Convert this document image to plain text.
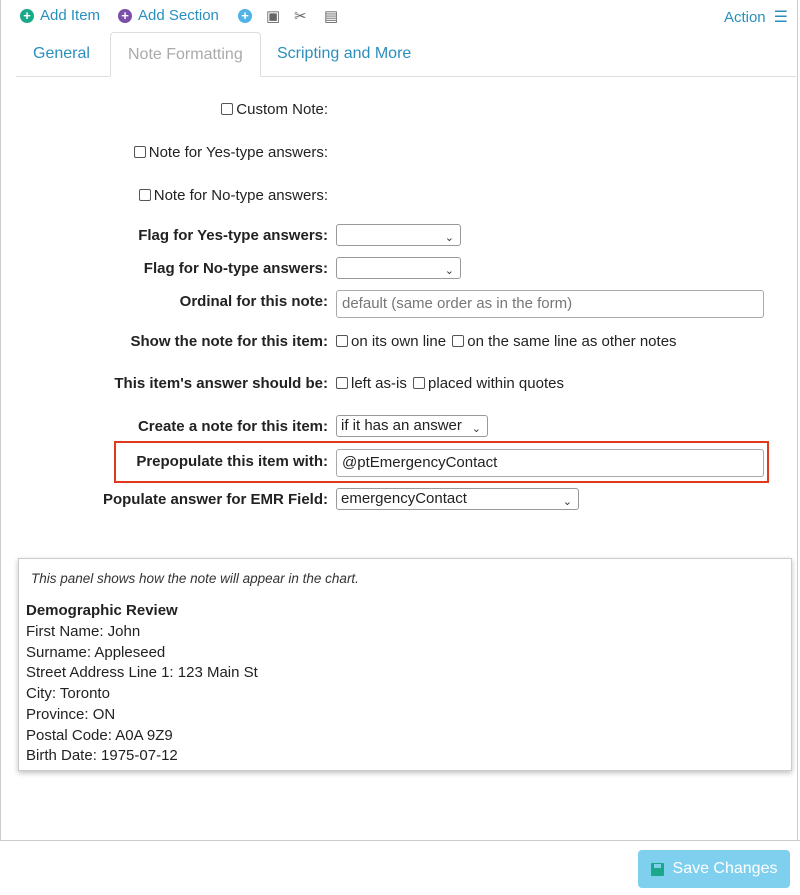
+ Add Item + Add Section + ▣ ✂ ▤	Action ☰
General	Note Formatting	Scripting and More
Custom Note:
Note for Yes-type answers:
Note for No-type answers:
Flag for Yes-type answers:	⌄
Flag for No-type answers:	⌄
Ordinal for this note: default (same order as in the form)
Show the note for this item:	on its own line on the same line as other notes
This item's answer should be:	left as-is placed within quotes
Create a note for this item: if it has an answer ⌄
Prepopulate this item with: @ptEmergencyContact
Populate answer for EMR Field: emergencyContact	⌄
This panel shows how the note will appear in the chart.
Demographic Review
First Name: John
Surname: Appleseed
Street Address Line 1: 123 Main St
City: Toronto
Province: ON
Postal Code: A0A 9Z9
Birth Date: 1975-07-12
Save Changes
